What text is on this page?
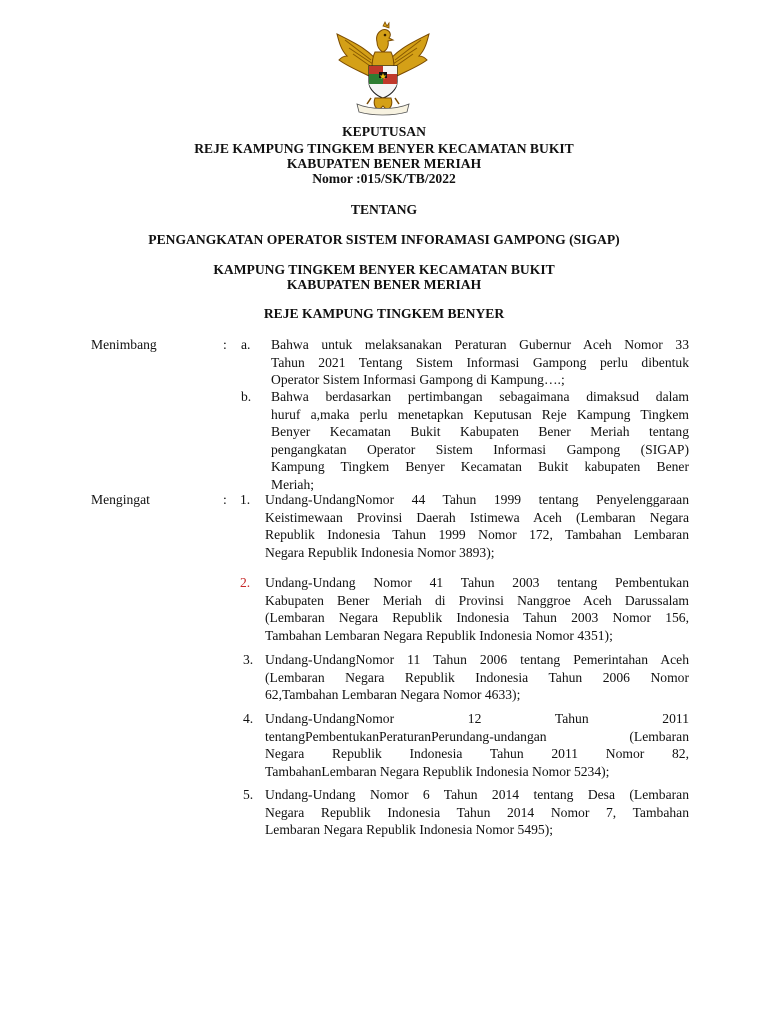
KEPUTUSAN
REJE KAMPUNG TINGKEM BENYER KECAMATAN BUKIT
KABUPATEN BENER MERIAH
Nomor :015/SK/TB/2022
TENTANG
PENGANGKATAN OPERATOR SISTEM INFORAMASI GAMPONG (SIGAP)
KAMPUNG TINGKEM BENYER KECAMATAN BUKIT
KABUPATEN BENER MERIAH
REJE KAMPUNG TINGKEM BENYER
Menimbang	: a. Bahwa untuk melaksanakan Peraturan Gubernur Aceh Nomor 33
Tahun 2021 Tentang Sistem Informasi Gampong perlu dibentuk
Operator Sistem Informasi Gampong di Kampung….;
b. Bahwa berdasarkan pertimbangan sebagaimana dimaksud dalam
huruf a,maka perlu menetapkan Keputusan Reje Kampung Tingkem
Benyer Kecamatan Bukit Kabupaten Bener Meriah tentang
pengangkatan Operator Sistem Informasi Gampong (SIGAP)
Kampung Tingkem Benyer Kecamatan Bukit kabupaten Bener
Meriah;
Mengingat	: 1. Undang-UndangNomor 44 Tahun 1999 tentang Penyelenggaraan
Keistimewaan Provinsi Daerah Istimewa Aceh (Lembaran Negara
Republik Indonesia Tahun 1999 Nomor 172, Tambahan Lembaran
Negara Republik Indonesia Nomor 3893);
2. Undang-Undang Nomor 41 Tahun 2003 tentang Pembentukan
Kabupaten Bener Meriah di Provinsi Nanggroe Aceh Darussalam
(Lembaran Negara Republik Indonesia Tahun 2003 Nomor 156,
Tambahan Lembaran Negara Republik Indonesia Nomor 4351);
3. Undang-UndangNomor 11 Tahun 2006 tentang Pemerintahan Aceh
(Lembaran Negara Republik Indonesia Tahun 2006 Nomor
62,Tambahan Lembaran Negara Nomor 4633);
4. Undang-UndangNomor 12 Tahun 2011
tentangPembentukanPeraturanPerundang-undangan (Lembaran
Negara Republik Indonesia Tahun 2011 Nomor 82,
TambahanLembaran Negara Republik Indonesia Nomor 5234);
5. Undang-Undang Nomor 6 Tahun 2014 tentang Desa (Lembaran
Negara Republik Indonesia Tahun 2014 Nomor 7, Tambahan
Lembaran Negara Republik Indonesia Nomor 5495);
